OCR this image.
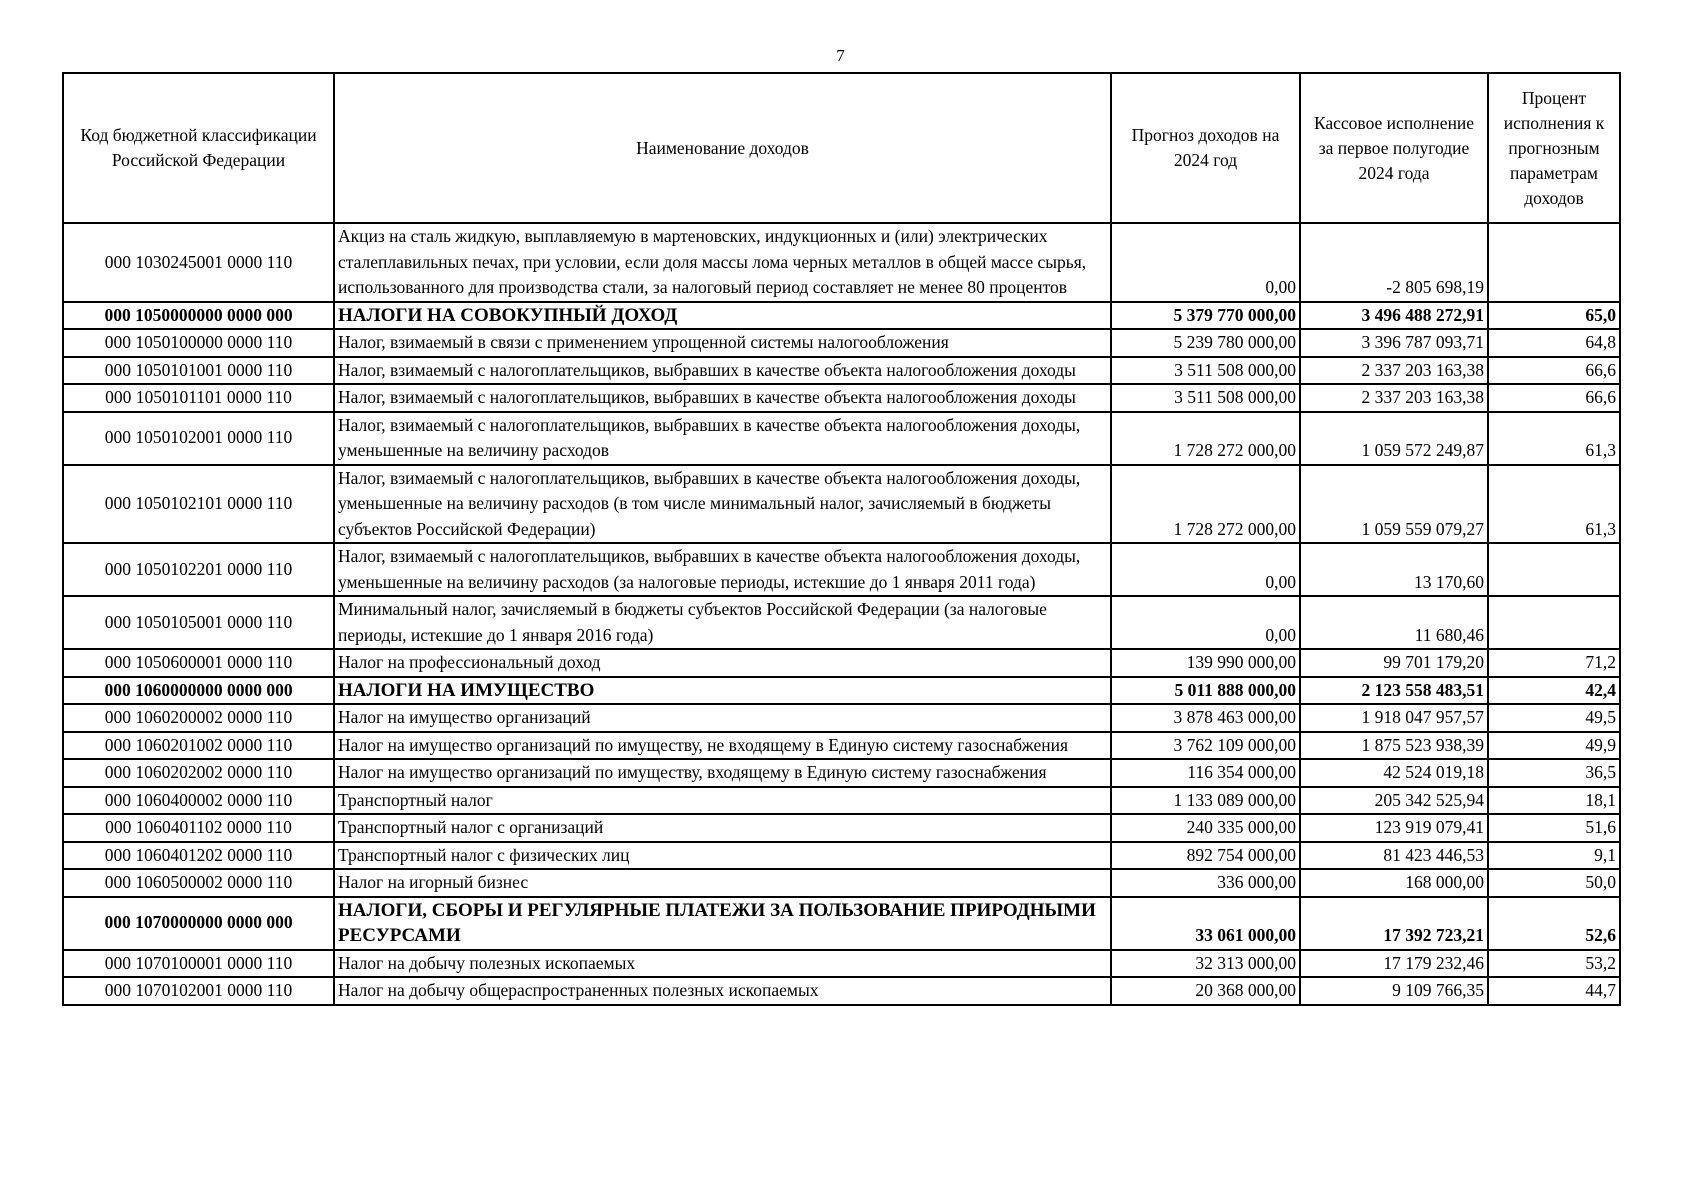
7
Код бюджетной классификации Российской Федерации	Наименование доходов	Прогноз доходов на 2024 год	Кассовое исполнение за первое полугодие 2024 года	Процент исполнения к прогнозным параметрам доходов
000 1030245001 0000 110	Акциз на сталь жидкую, выплавляемую в мартеновских, индукционных и (или) электрических сталеплавильных печах, при условии, если доля массы лома черных металлов в общей массе сырья, использованного для производства стали, за налоговый период составляет не менее 80 процентов	0,00	-2 805 698,19	
000 1050000000 0000 000	НАЛОГИ НА СОВОКУПНЫЙ ДОХОД	5 379 770 000,00	3 496 488 272,91	65,0
000 1050100000 0000 110	Налог, взимаемый в связи с применением упрощенной системы налогообложения	5 239 780 000,00	3 396 787 093,71	64,8
000 1050101001 0000 110	Налог, взимаемый с налогоплательщиков, выбравших в качестве объекта налогообложения доходы	3 511 508 000,00	2 337 203 163,38	66,6
000 1050101101 0000 110	Налог, взимаемый с налогоплательщиков, выбравших в качестве объекта налогообложения доходы	3 511 508 000,00	2 337 203 163,38	66,6
000 1050102001 0000 110	Налог, взимаемый с налогоплательщиков, выбравших в качестве объекта налогообложения доходы, уменьшенные на величину расходов	1 728 272 000,00	1 059 572 249,87	61,3
000 1050102101 0000 110	Налог, взимаемый с налогоплательщиков, выбравших в качестве объекта налогообложения доходы, уменьшенные на величину расходов (в том числе минимальный налог, зачисляемый в бюджеты субъектов Российской Федерации)	1 728 272 000,00	1 059 559 079,27	61,3
000 1050102201 0000 110	Налог, взимаемый с налогоплательщиков, выбравших в качестве объекта налогообложения доходы, уменьшенные на величину расходов (за налоговые периоды, истекшие до 1 января 2011 года)	0,00	13 170,60	
000 1050105001 0000 110	Минимальный налог, зачисляемый в бюджеты субъектов Российской Федерации (за налоговые периоды, истекшие до 1 января 2016 года)	0,00	11 680,46	
000 1050600001 0000 110	Налог на профессиональный доход	139 990 000,00	99 701 179,20	71,2
000 1060000000 0000 000	НАЛОГИ НА ИМУЩЕСТВО	5 011 888 000,00	2 123 558 483,51	42,4
000 1060200002 0000 110	Налог на имущество организаций	3 878 463 000,00	1 918 047 957,57	49,5
000 1060201002 0000 110	Налог на имущество организаций по имуществу, не входящему в Единую систему газоснабжения	3 762 109 000,00	1 875 523 938,39	49,9
000 1060202002 0000 110	Налог на имущество организаций по имуществу, входящему в Единую систему газоснабжения	116 354 000,00	42 524 019,18	36,5
000 1060400002 0000 110	Транспортный налог	1 133 089 000,00	205 342 525,94	18,1
000 1060401102 0000 110	Транспортный налог с организаций	240 335 000,00	123 919 079,41	51,6
000 1060401202 0000 110	Транспортный налог с физических лиц	892 754 000,00	81 423 446,53	9,1
000 1060500002 0000 110	Налог на игорный бизнес	336 000,00	168 000,00	50,0
000 1070000000 0000 000	НАЛОГИ, СБОРЫ И РЕГУЛЯРНЫЕ ПЛАТЕЖИ ЗА ПОЛЬЗОВАНИЕ ПРИРОДНЫМИ РЕСУРСАМИ	33 061 000,00	17 392 723,21	52,6
000 1070100001 0000 110	Налог на добычу полезных ископаемых	32 313 000,00	17 179 232,46	53,2
000 1070102001 0000 110	Налог на добычу общераспространенных полезных ископаемых	20 368 000,00	9 109 766,35	44,7
